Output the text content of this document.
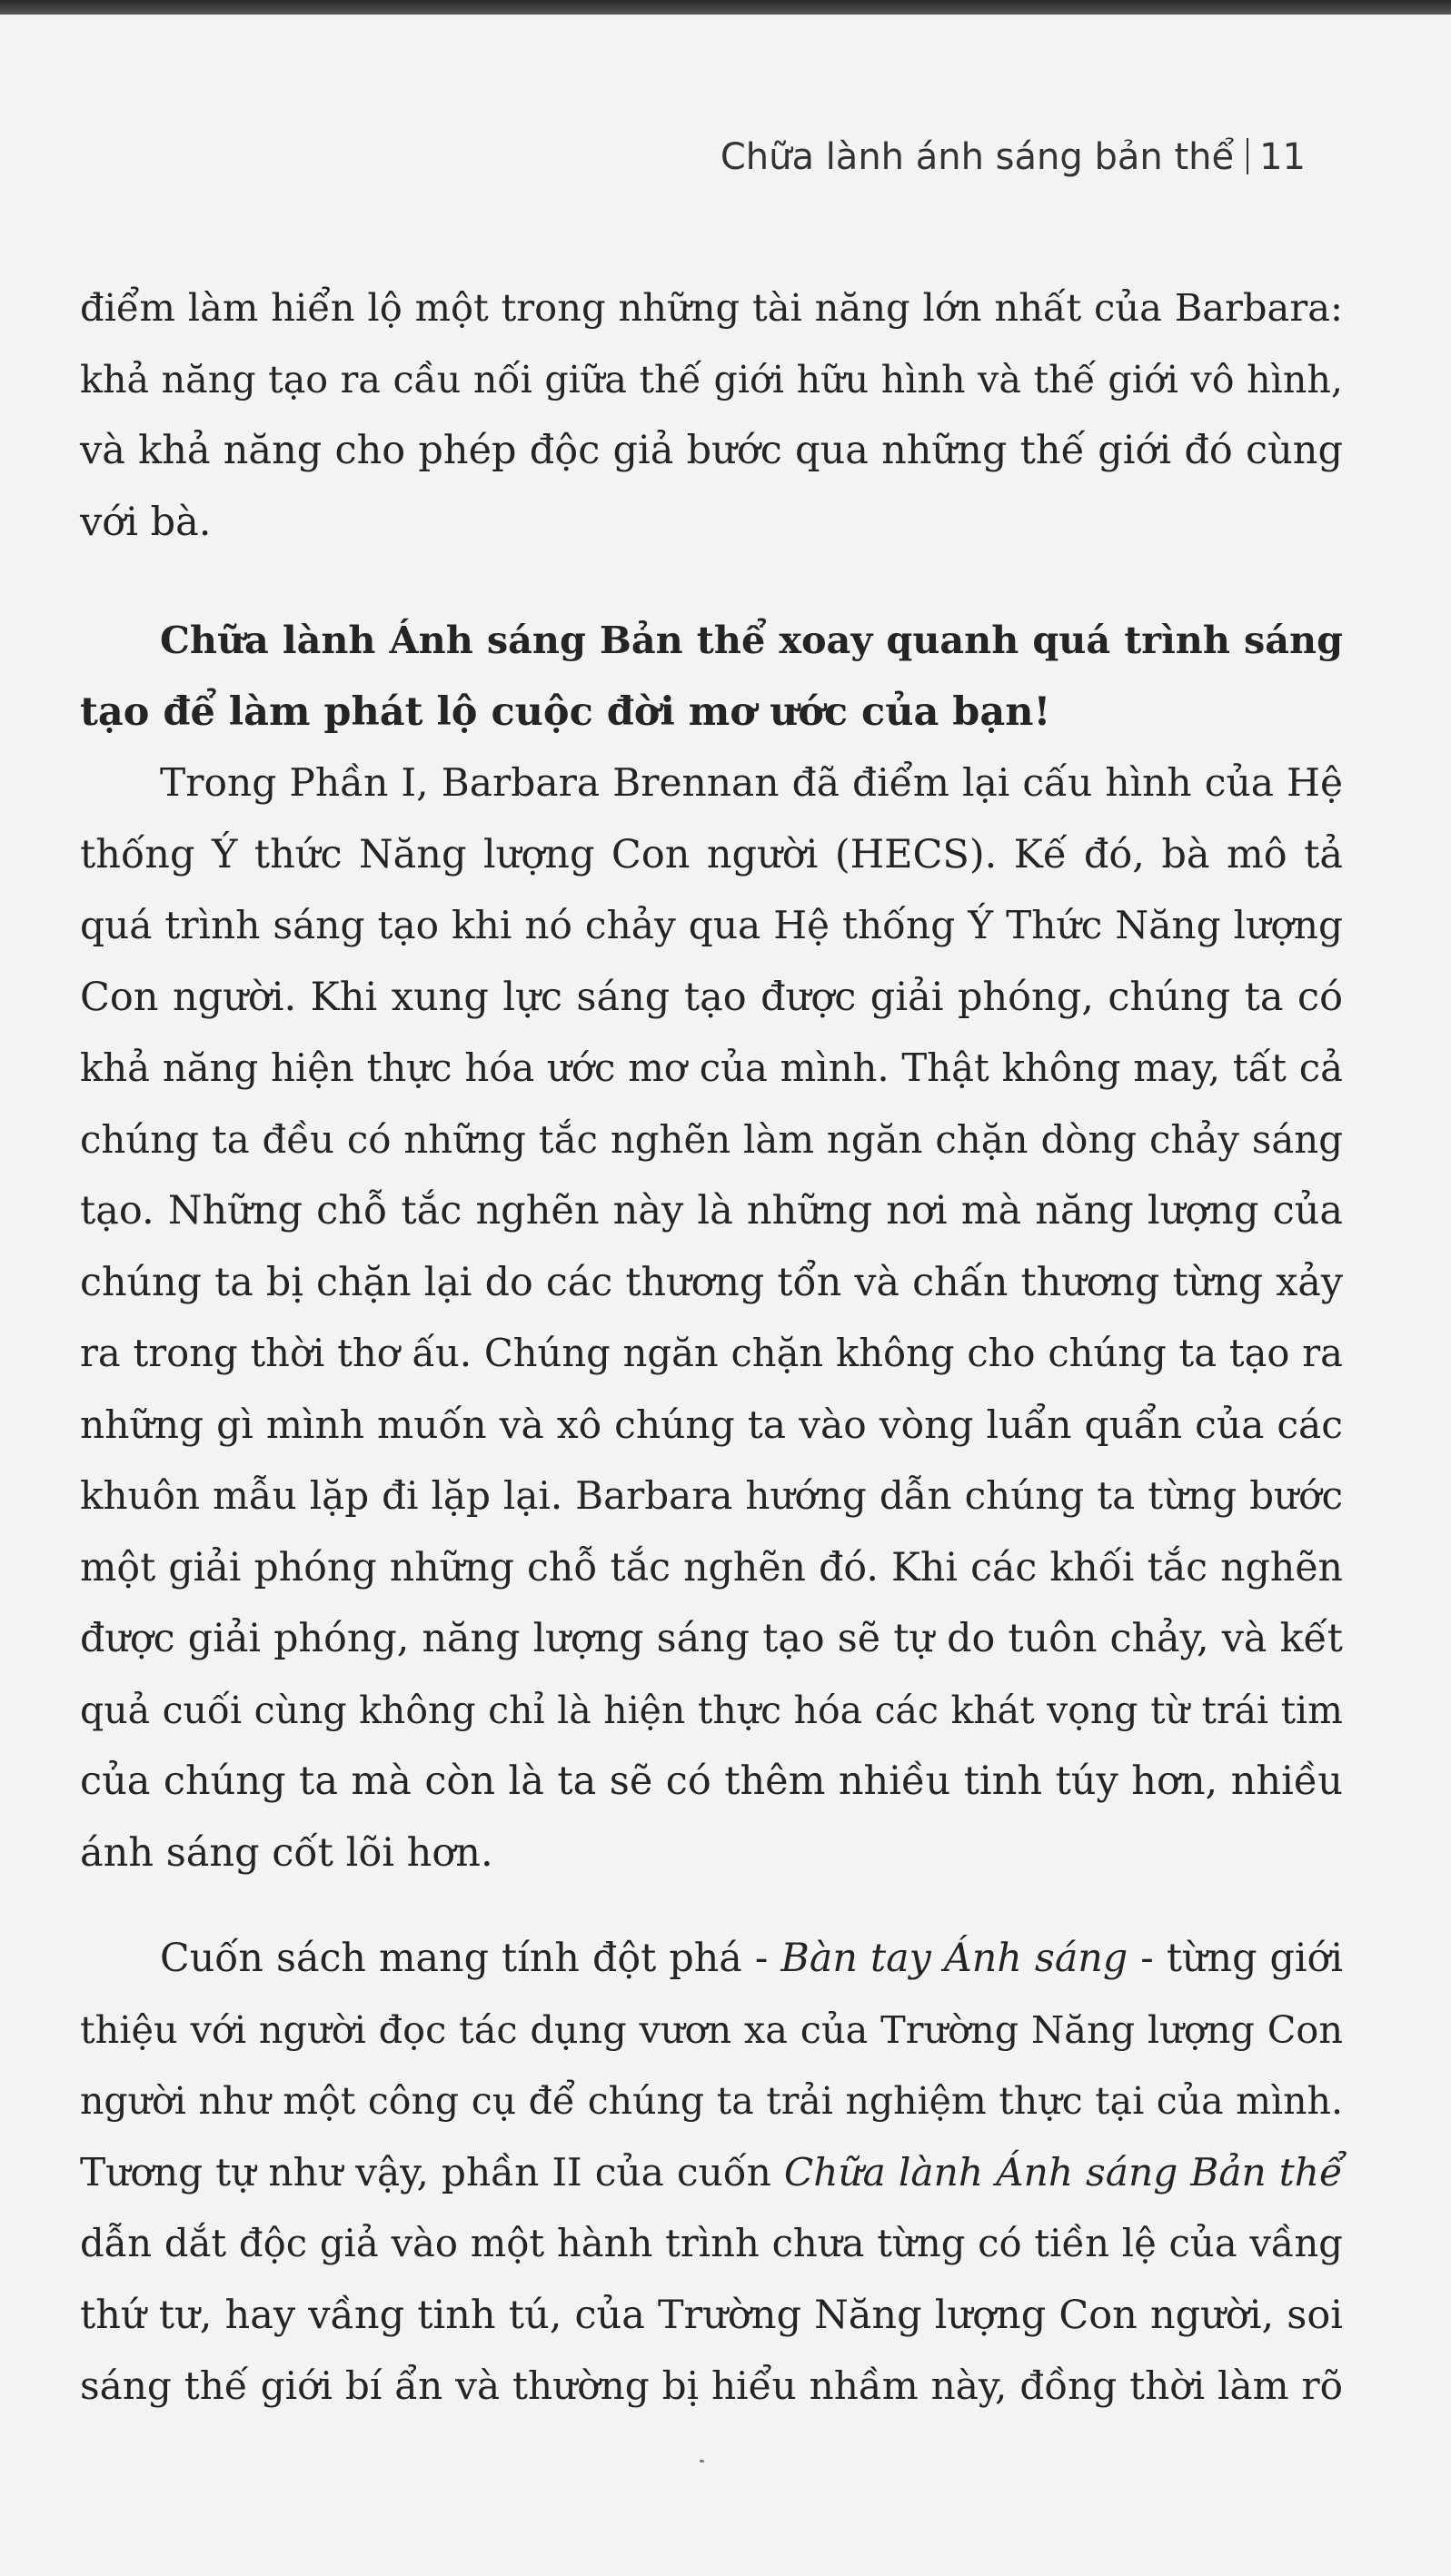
Chữa lành ánh sáng bản thể 11

điểm làm hiển lộ một trong những tài năng lớn nhất của Barbara:

khả năng tạo ra cầu nối giữa thế giới hữu hình và thế giới vô hình,

và khả năng cho phép độc giả bước qua những thế giới đó cùng

với bà.

Chữa lành Ánh sáng Bản thể xoay quanh quá trình sáng

tạo để làm phát lộ cuộc đời mơ ước của bạn!

Trong Phần I, Barbara Brennan đã điểm lại cấu hình của Hệ

thống Ý thức Năng lượng Con người (HECS). Kế đó, bà mô tả

quá trình sáng tạo khi nó chảy qua Hệ thống Ý Thức Năng lượng

Con người. Khi xung lực sáng tạo được giải phóng, chúng ta có

khả năng hiện thực hóa ước mơ của mình. Thật không may, tất cả

chúng ta đều có những tắc nghẽn làm ngăn chặn dòng chảy sáng

tạo. Những chỗ tắc nghẽn này là những nơi mà năng lượng của

chúng ta bị chặn lại do các thương tổn và chấn thương từng xảy

ra trong thời thơ ấu. Chúng ngăn chặn không cho chúng ta tạo ra

những gì mình muốn và xô chúng ta vào vòng luẩn quẩn của các

khuôn mẫu lặp đi lặp lại. Barbara hướng dẫn chúng ta từng bước

một giải phóng những chỗ tắc nghẽn đó. Khi các khối tắc nghẽn

được giải phóng, năng lượng sáng tạo sẽ tự do tuôn chảy, và kết

quả cuối cùng không chỉ là hiện thực hóa các khát vọng từ trái tim

của chúng ta mà còn là ta sẽ có thêm nhiều tinh túy hơn, nhiều

ánh sáng cốt lõi hơn.

Cuốn sách mang tính đột phá - Bàn tay Ánh sáng - từng giới

thiệu với người đọc tác dụng vươn xa của Trường Năng lượng Con

người như một công cụ để chúng ta trải nghiệm thực tại của mình.

Tương tự như vậy, phần II của cuốn Chữa lành Ánh sáng Bản thể

dẫn dắt độc giả vào một hành trình chưa từng có tiền lệ của vầng

thứ tư, hay vầng tinh tú, của Trường Năng lượng Con người, soi

sáng thế giới bí ẩn và thường bị hiểu nhầm này, đồng thời làm rõ
